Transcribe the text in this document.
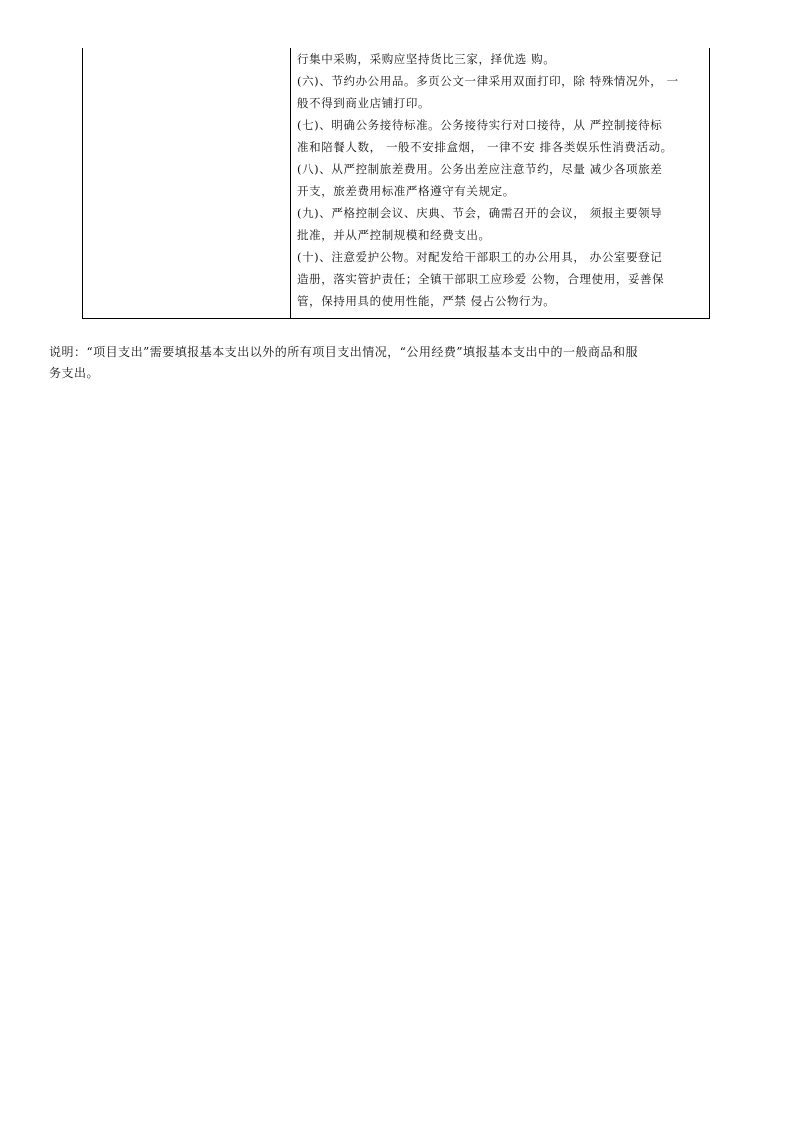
行集中采购，采购应坚持货比三家，择优选 购。
(六)、节约办公用品。多页公文一律采用双面打印，除 特殊情况外， 一
般不得到商业店铺打印。
(七)、明确公务接待标准。公务接待实行对口接待，从 严控制接待标
准和陪餐人数， 一般不安排盒烟， 一律不安 排各类娱乐性消费活动。
(八)、从严控制旅差费用。公务出差应注意节约，尽量 减少各项旅差
开支，旅差费用标准严格遵守有关规定。
(九)、严格控制会议、庆典、节会，确需召开的会议， 须报主要领导
批准，并从严控制规模和经费支出。
(十)、注意爱护公物。对配发给干部职工的办公用具， 办公室要登记
造册，落实管护责任；全镇干部职工应珍爱 公物，合理使用，妥善保
管，保持用具的使用性能，严禁 侵占公物行为。
说明：“项目支出”需要填报基本支出以外的所有项目支出情况，“公用经费”填报基本支出中的一般商品和服
务支出。
